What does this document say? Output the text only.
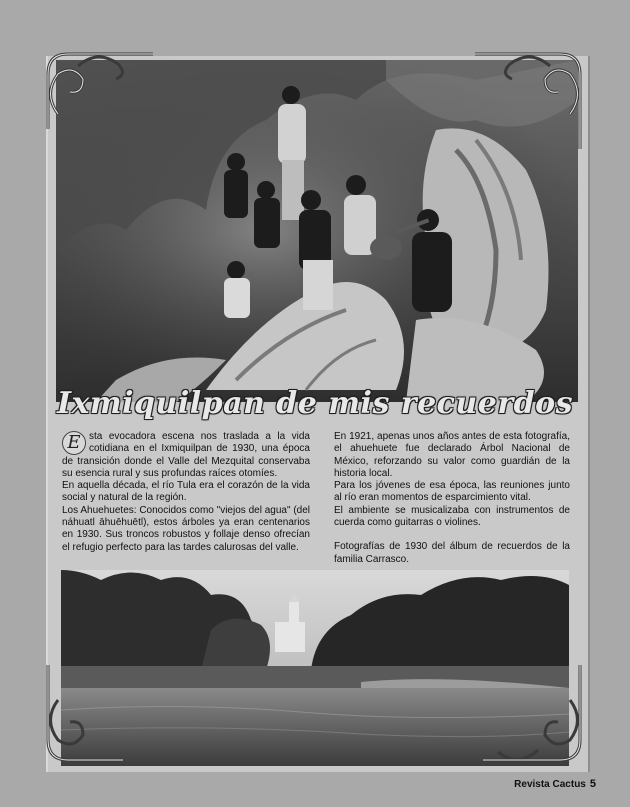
Ixmiquilpan de mis recuerdos

E sta evocadora escena nos traslada a la vida cotidiana en el Ixmiquilpan de 1930, una época de transición donde el Valle del Mezquital conservaba su esencia rural y sus profundas raíces otomíes.

En aquella década, el río Tula era el corazón de la vida social y natural de la región.

Los Ahuehuetes: Conocidos como "viejos del agua" (del náhuatl āhuēhuētl), estos árboles ya eran centenarios en 1930. Sus troncos robustos y follaje denso ofrecían el refugio perfecto para las tardes calurosas del valle.

En 1921, apenas unos años antes de esta fotografía, el ahuehuete fue declarado Árbol Nacional de México, reforzando su valor como guardián de la historia local.

Para los jóvenes de esa época, las reuniones junto al río eran momentos de esparcimiento vital.

El ambiente se musicalizaba con instrumentos de cuerda como guitarras o violines.

Fotografías de 1930 del álbum de recuerdos de la familia Carrasco.

Revista Cactus 5
